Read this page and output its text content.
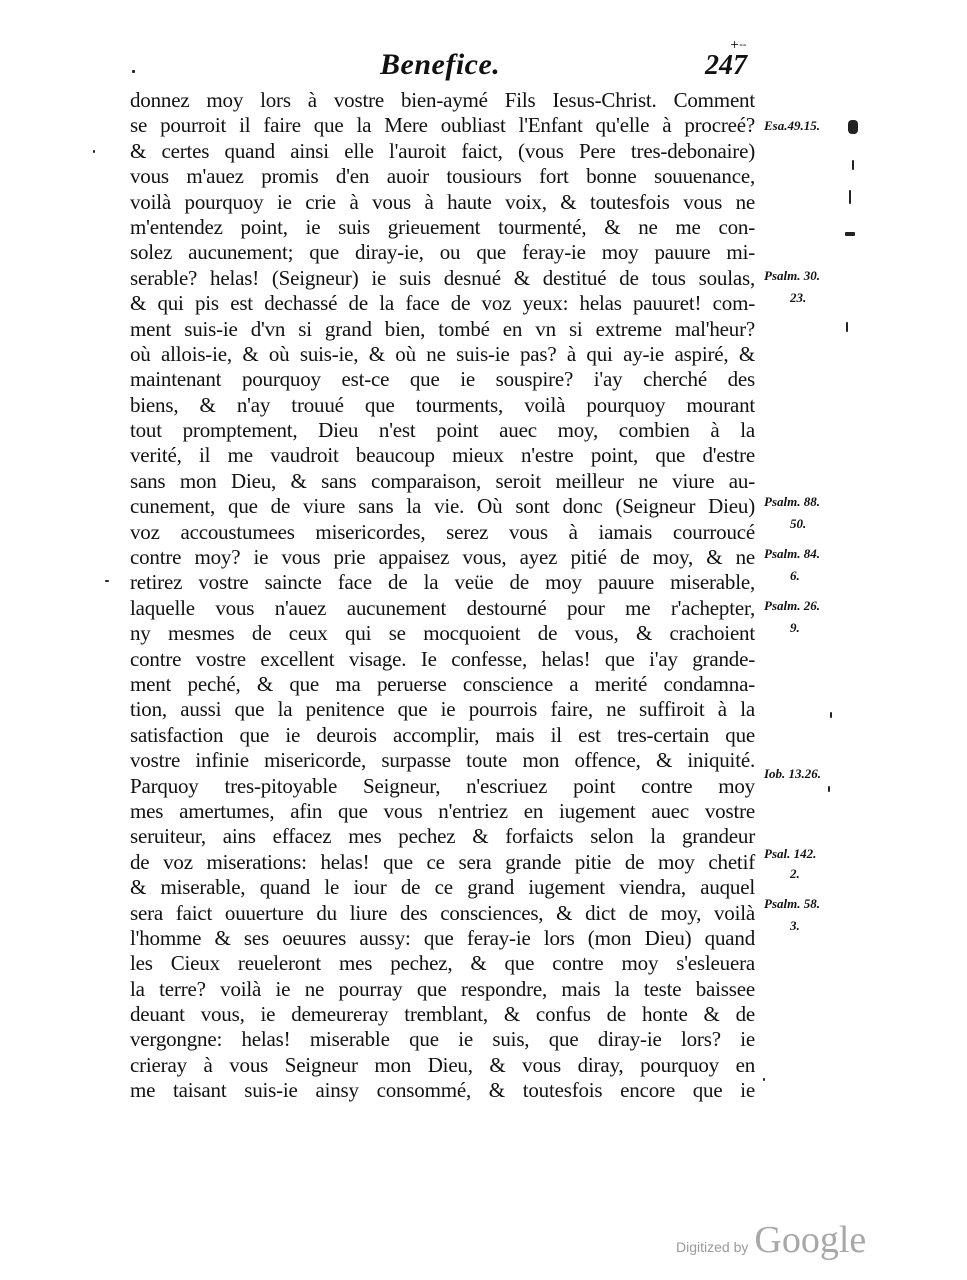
Benefice.	247
+--
donnez moy lors à vostre bien-aymé Fils Iesus-Christ. Comment
se pourroit il faire que la Mere oubliast l'Enfant qu'elle à procreé?
& certes quand ainsi elle l'auroit faict, (vous Pere tres-debonaire)
vous m'auez promis d'en auoir tousiours fort bonne souuenance,
voilà pourquoy ie crie à vous à haute voix, & toutesfois vous ne
m'entendez point, ie suis grieuement tourmenté, & ne me con-
solez aucunement; que diray-ie, ou que feray-ie moy pauure mi-
serable? helas! (Seigneur) ie suis desnué & destitué de tous soulas,
& qui pis est dechassé de la face de voz yeux: helas pauuret! com-
ment suis-ie d'vn si grand bien, tombé en vn si extreme mal'heur?
où allois-ie, & où suis-ie, & où ne suis-ie pas? à qui ay-ie aspiré, &
maintenant pourquoy est-ce que ie souspire? i'ay cherché des
biens, & n'ay trouué que tourments, voilà pourquoy mourant
tout promptement, Dieu n'est point auec moy, combien à la
verité, il me vaudroit beaucoup mieux n'estre point, que d'estre
sans mon Dieu, & sans comparaison, seroit meilleur ne viure au-
cunement, que de viure sans la vie. Où sont donc (Seigneur Dieu)
voz accoustumees misericordes, serez vous à iamais courroucé
contre moy? ie vous prie appaisez vous, ayez pitié de moy, & ne
retirez vostre saincte face de la veüe de moy pauure miserable,
laquelle vous n'auez aucunement destourné pour me r'achepter,
ny mesmes de ceux qui se mocquoient de vous, & crachoient
contre vostre excellent visage. Ie confesse, helas! que i'ay grande-
ment peché, & que ma peruerse conscience a merité condamna-
tion, aussi que la penitence que ie pourrois faire, ne suffiroit à la
satisfaction que ie deurois accomplir, mais il est tres-certain que
vostre infinie misericorde, surpasse toute mon offence, & iniquité.
Parquoy tres-pitoyable Seigneur, n'escriuez point contre moy
mes amertumes, afin que vous n'entriez en iugement auec vostre
seruiteur, ains effacez mes pechez & forfaicts selon la grandeur
de voz miserations: helas! que ce sera grande pitie de moy chetif
& miserable, quand le iour de ce grand iugement viendra, auquel
sera faict ouuerture du liure des consciences, & dict de moy, voilà
l'homme & ses oeuures aussy: que feray-ie lors (mon Dieu) quand
les Cieux reueleront mes pechez, & que contre moy s'esleuera
la terre? voilà ie ne pourray que respondre, mais la teste baissee
deuant vous, ie demeureray tremblant, & confus de honte & de
vergongne: helas! miserable que ie suis, que diray-ie lors? ie
crieray à vous Seigneur mon Dieu, & vous diray, pourquoy en
me taisant suis-ie ainsy consommé, & toutesfois encore que ie
Esa.49.15.
Psalm. 30.
23.
Psalm. 88.
50.
Psalm. 84.
6.
Psalm. 26.
9.
Iob. 13.26.
Psal. 142.
2.
Psalm. 58.
3.
Digitized by Google
